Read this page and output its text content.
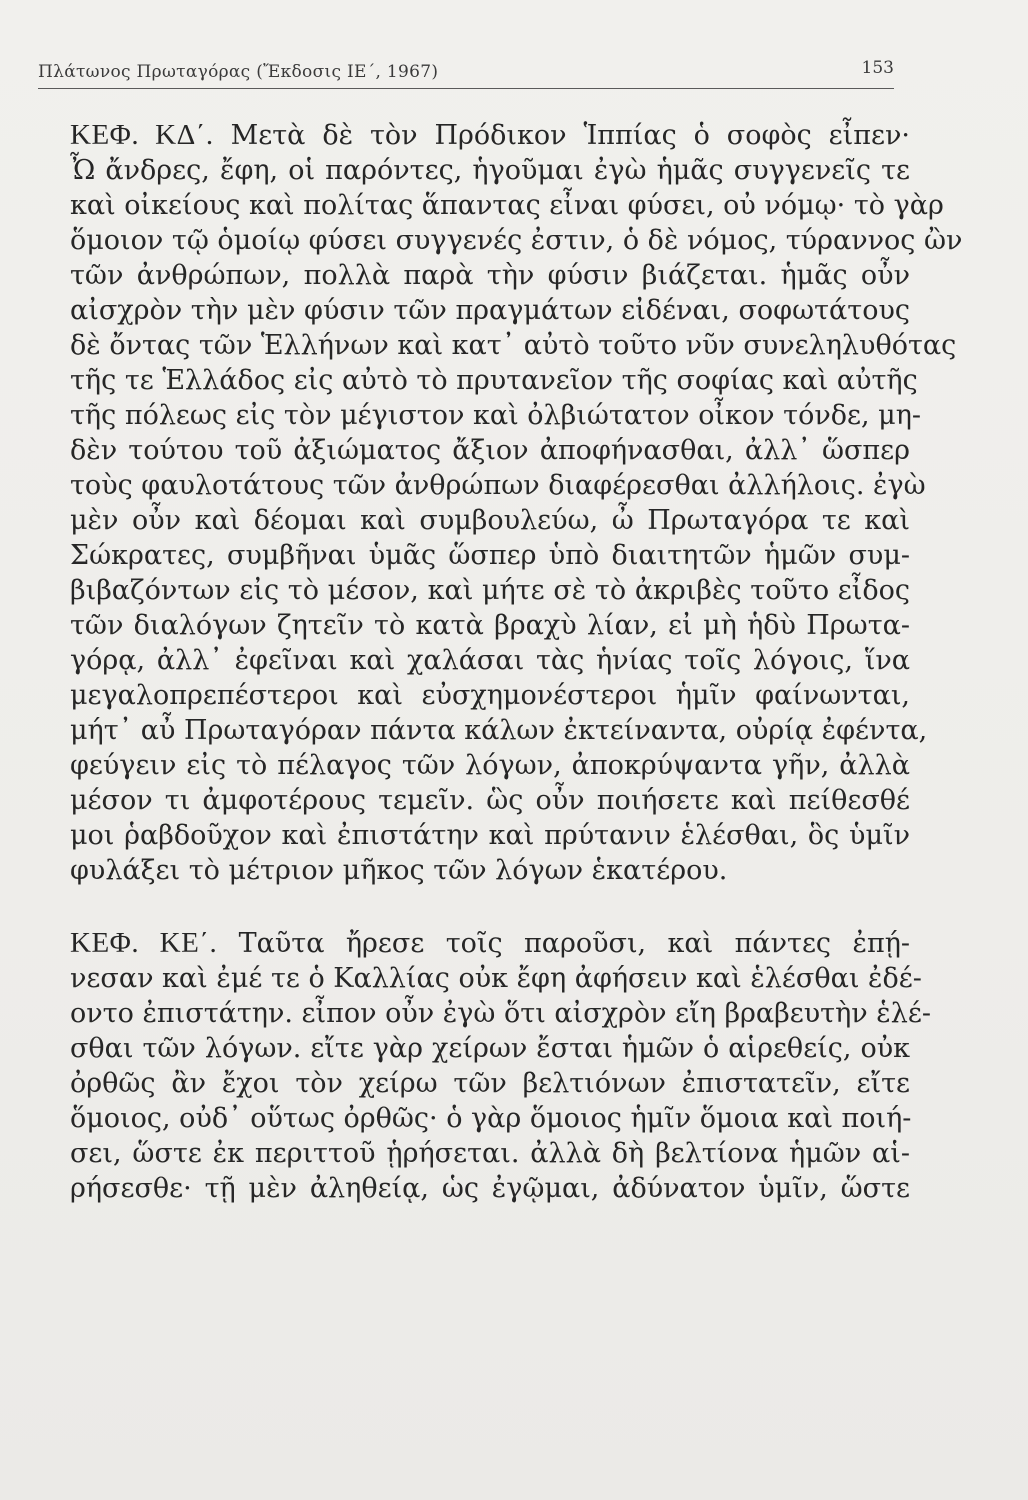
Πλάτωνος Πρωταγόρας (Ἔκδοσις ΙΕ΄, 1967)	153
ΚΕΦ. ΚΔ΄. Μετὰ δὲ τὸν Πρόδικον Ἱππίας ὁ σοφὸς εἶπεν·
Ὦ ἄνδρες, ἔφη, οἱ παρόντες, ἡγοῦμαι ἐγὼ ἡμᾶς συγγενεῖς τε
καὶ οἰκείους καὶ πολίτας ἅπαντας εἶναι φύσει, οὐ νόμῳ· τὸ γὰρ
ὅμοιον τῷ ὁμοίῳ φύσει συγγενές ἐστιν, ὁ δὲ νόμος, τύραννος ὢν
τῶν ἀνθρώπων, πολλὰ παρὰ τὴν φύσιν βιάζεται. ἡμᾶς οὖν
αἰσχρὸν τὴν μὲν φύσιν τῶν πραγμάτων εἰδέναι, σοφωτάτους
δὲ ὄντας τῶν Ἑλλήνων καὶ κατ᾽ αὐτὸ τοῦτο νῦν συνεληλυθότας
τῆς τε Ἑλλάδος εἰς αὐτὸ τὸ πρυτανεῖον τῆς σοφίας καὶ αὐτῆς
τῆς πόλεως εἰς τὸν μέγιστον καὶ ὀλβιώτατον οἶκον τόνδε, μη-
δὲν τούτου τοῦ ἀξιώματος ἄξιον ἀποφήνασθαι, ἀλλ᾽ ὥσπερ
τοὺς φαυλοτάτους τῶν ἀνθρώπων διαφέρεσθαι ἀλλήλοις. ἐγὼ
μὲν οὖν καὶ δέομαι καὶ συμβουλεύω, ὦ Πρωταγόρα τε καὶ
Σώκρατες, συμβῆναι ὑμᾶς ὥσπερ ὑπὸ διαιτητῶν ἡμῶν συμ-
βιβαζόντων εἰς τὸ μέσον, καὶ μήτε σὲ τὸ ἀκριβὲς τοῦτο εἶδος
τῶν διαλόγων ζητεῖν τὸ κατὰ βραχὺ λίαν, εἰ μὴ ἡδὺ Πρωτα-
γόρᾳ, ἀλλ᾽ ἐφεῖναι καὶ χαλάσαι τὰς ἡνίας τοῖς λόγοις, ἵνα
μεγαλοπρεπέστεροι καὶ εὐσχημονέστεροι ἡμῖν φαίνωνται,
μήτ᾽ αὖ Πρωταγόραν πάντα κάλων ἐκτείναντα, οὐρίᾳ ἐφέντα,
φεύγειν εἰς τὸ πέλαγος τῶν λόγων, ἀποκρύψαντα γῆν, ἀλλὰ
μέσον τι ἀμφοτέρους τεμεῖν. ὣς οὖν ποιήσετε καὶ πείθεσθέ
μοι ῥαβδοῦχον καὶ ἐπιστάτην καὶ πρύτανιν ἑλέσθαι, ὃς ὑμῖν
φυλάξει τὸ μέτριον μῆκος τῶν λόγων ἑκατέρου.
ΚΕΦ. ΚΕ΄. Ταῦτα ἤρεσε τοῖς παροῦσι, καὶ πάντες ἐπῄ-
νεσαν καὶ ἐμέ τε ὁ Καλλίας οὐκ ἔφη ἀφήσειν καὶ ἑλέσθαι ἐδέ-
οντο ἐπιστάτην. εἶπον οὖν ἐγὼ ὅτι αἰσχρὸν εἴη βραβευτὴν ἑλέ-
σθαι τῶν λόγων. εἴτε γὰρ χείρων ἔσται ἡμῶν ὁ αἱρεθείς, οὐκ
ὀρθῶς ἂν ἔχοι τὸν χείρω τῶν βελτιόνων ἐπιστατεῖν, εἴτε
ὅμοιος, οὐδ᾽ οὕτως ὀρθῶς· ὁ γὰρ ὅμοιος ἡμῖν ὅμοια καὶ ποιή-
σει, ὥστε ἐκ περιττοῦ ᾑρήσεται. ἀλλὰ δὴ βελτίονα ἡμῶν αἱ-
ρήσεσθε· τῇ μὲν ἀληθείᾳ, ὡς ἐγῷμαι, ἀδύνατον ὑμῖν, ὥστε
